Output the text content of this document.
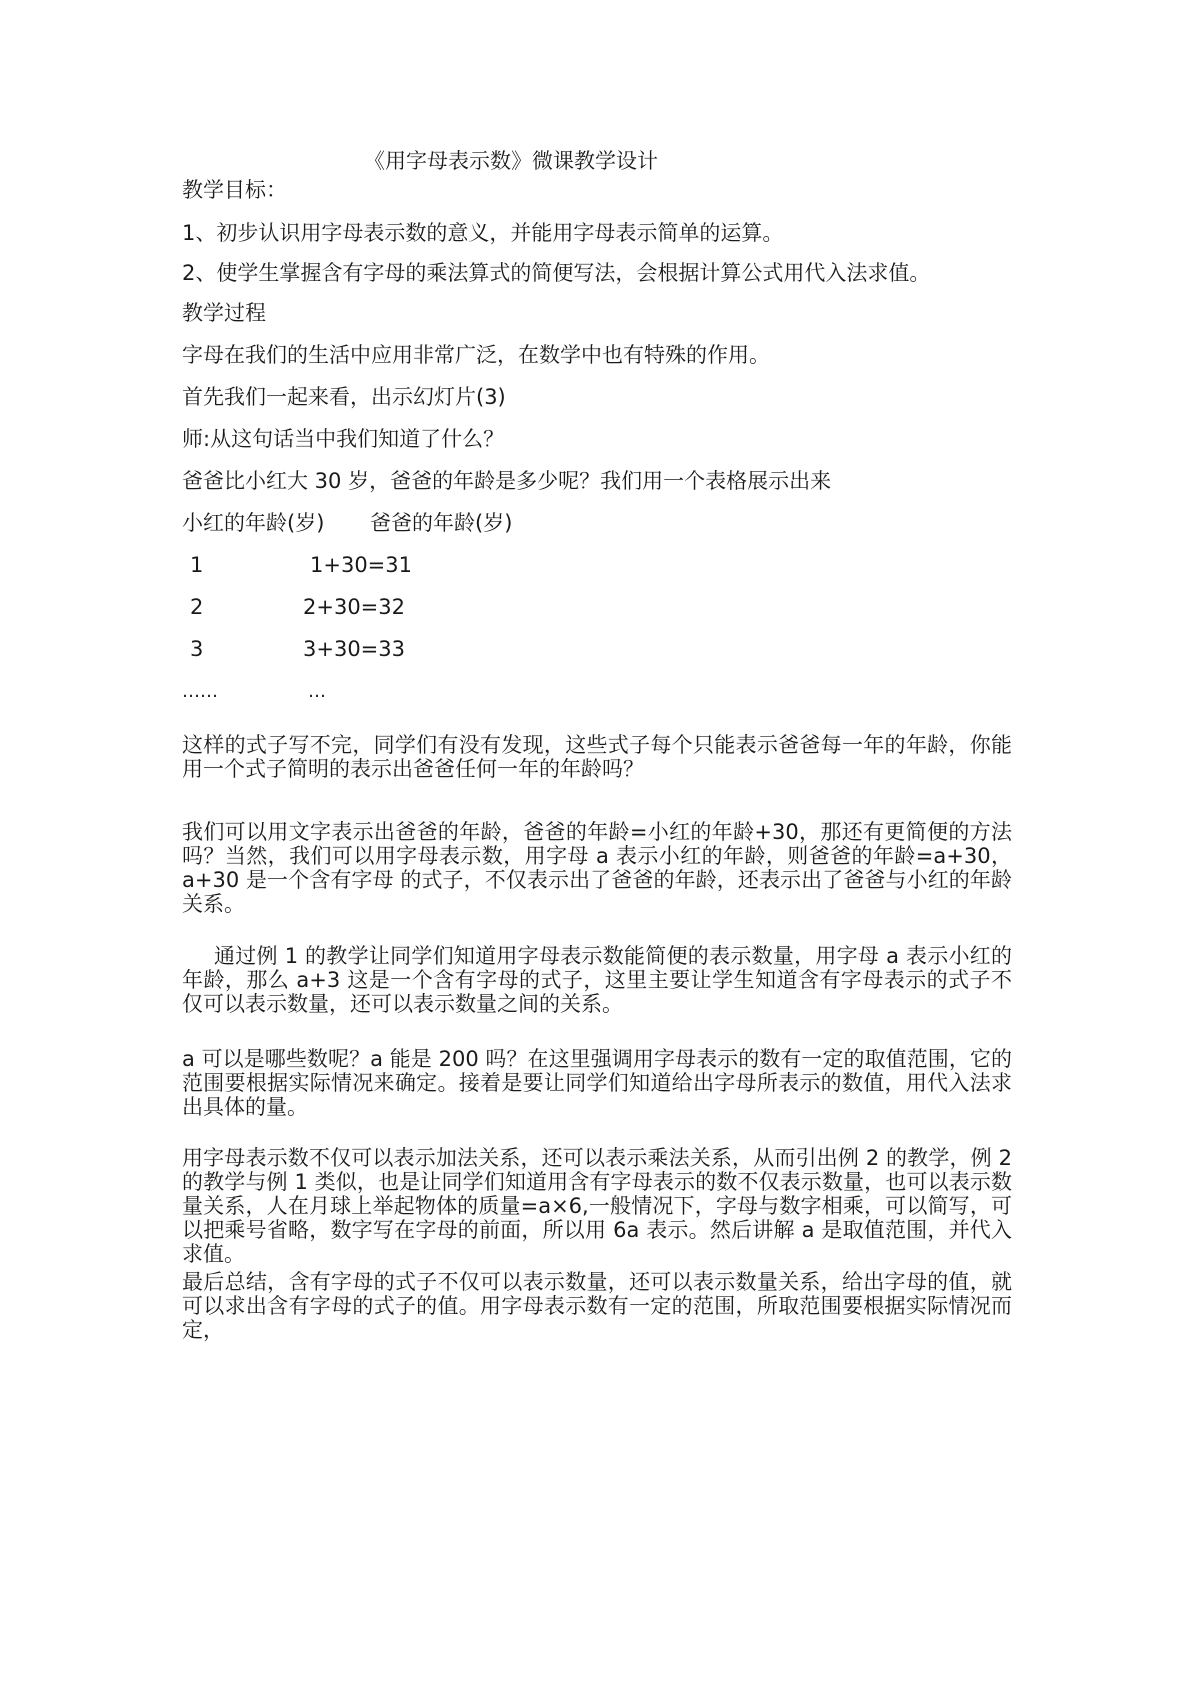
《用字母表示数》微课教学设计
教学目标：
1、初步认识用字母表示数的意义，并能用字母表示简单的运算。
2、使学生掌握含有字母的乘法算式的简便写法，会根据计算公式用代入法求值。
教学过程
字母在我们的生活中应用非常广泛，在数学中也有特殊的作用。
首先我们一起来看，出示幻灯片(3)
师:从这句话当中我们知道了什么？
爸爸比小红大 30 岁，爸爸的年龄是多少呢？我们用一个表格展示出来
小红的年龄(岁) 爸爸的年龄(岁)
1	1+30=31
2	2+30=32
3	3+30=33
……	…
这样的式子写不完，同学们有没有发现，这些式子每个只能表示爸爸每一年的年龄，你能用一个式子简明的表示出爸爸任何一年的年龄吗？
我们可以用文字表示出爸爸的年龄，爸爸的年龄=小红的年龄+30，那还有更简便的方法吗？当然，我们可以用字母表示数，用字母 a 表示小红的年龄，则爸爸的年龄=a+30，a+30 是一个含有字母 的式子，不仅表示出了爸爸的年龄，还表示出了爸爸与小红的年龄关系。
通过例 1 的教学让同学们知道用字母表示数能简便的表示数量，用字母 a 表示小红的年龄，那么 a+3 这是一个含有字母的式子，这里主要让学生知道含有字母表示的式子不仅可以表示数量，还可以表示数量之间的关系。
a 可以是哪些数呢？a 能是 200 吗？在这里强调用字母表示的数有一定的取值范围，它的范围要根据实际情况来确定。接着是要让同学们知道给出字母所表示的数值，用代入法求出具体的量。
用字母表示数不仅可以表示加法关系，还可以表示乘法关系，从而引出例 2 的教学，例 2 的教学与例 1 类似，也是让同学们知道用含有字母表示的数不仅表示数量，也可以表示数量关系，人在月球上举起物体的质量=a×6,一般情况下，字母与数字相乘，可以简写，可以把乘号省略，数字写在字母的前面，所以用 6a 表示。然后讲解 a 是取值范围，并代入求值。
最后总结，含有字母的式子不仅可以表示数量，还可以表示数量关系，给出字母的值，就可以求出含有字母的式子的值。用字母表示数有一定的范围，所取范围要根据实际情况而定，
